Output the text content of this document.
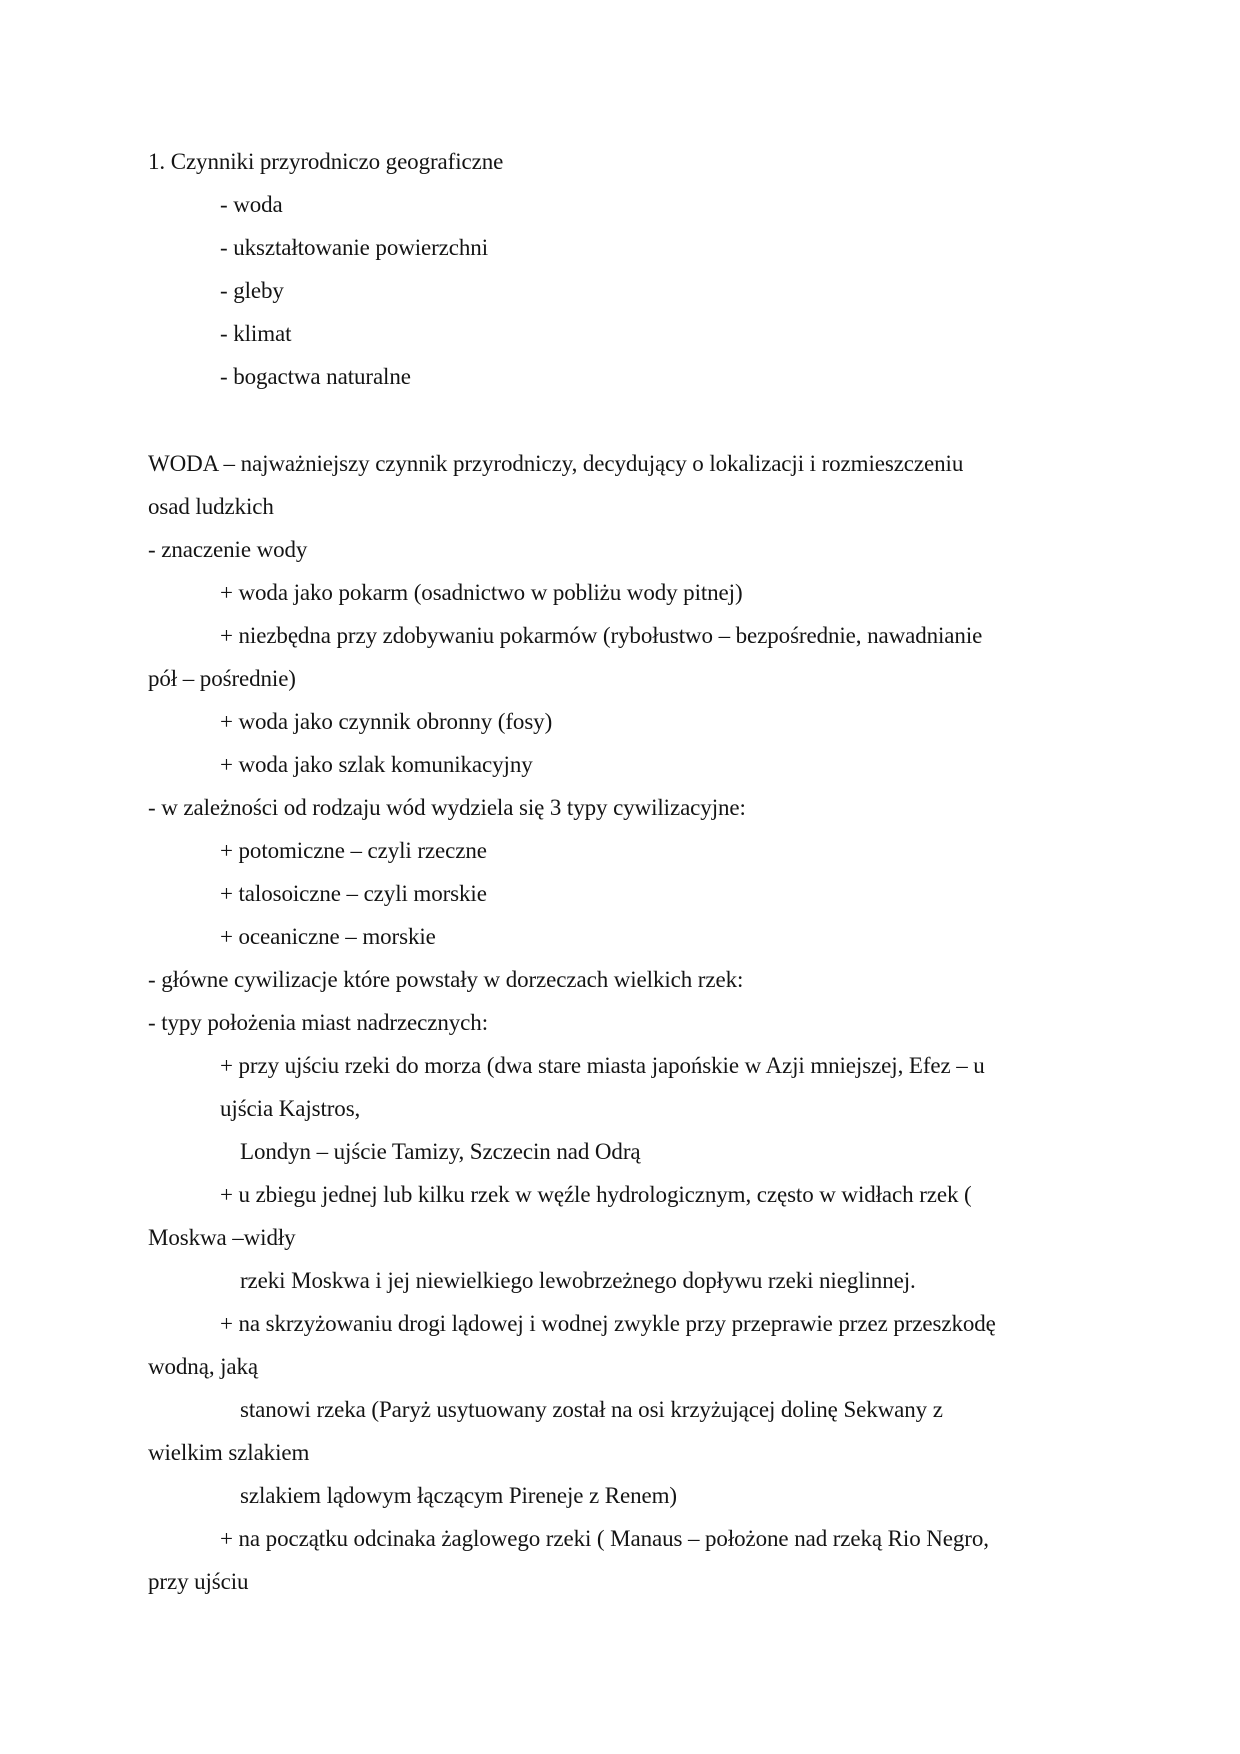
1. Czynniki przyrodniczo geograficzne
- woda
- ukształtowanie powierzchni
- gleby
- klimat
- bogactwa naturalne
WODA – najważniejszy czynnik przyrodniczy, decydujący o lokalizacji i rozmieszczeniu
osad ludzkich
- znaczenie wody
+ woda jako pokarm (osadnictwo w pobliżu wody pitnej)
+ niezbędna przy zdobywaniu pokarmów (rybołustwo – bezpośrednie, nawadnianie
pół – pośrednie)
+ woda jako czynnik obronny (fosy)
+ woda jako szlak komunikacyjny
- w zależności od rodzaju wód wydziela się 3 typy cywilizacyjne:
+ potomiczne – czyli rzeczne
+ talosoiczne – czyli morskie
+ oceaniczne – morskie
- główne cywilizacje które powstały w dorzeczach wielkich rzek:
- typy położenia miast nadrzecznych:
+ przy ujściu rzeki do morza (dwa stare miasta japońskie w Azji mniejszej, Efez – u
ujścia Kajstros,
Londyn – ujście Tamizy, Szczecin nad Odrą
+ u zbiegu jednej lub kilku rzek w węźle hydrologicznym, często w widłach rzek (
Moskwa –widły
rzeki Moskwa i jej niewielkiego lewobrzeżnego dopływu rzeki nieglinnej.
+ na skrzyżowaniu drogi lądowej i wodnej zwykle przy przeprawie przez przeszkodę
wodną, jaką
stanowi rzeka (Paryż usytuowany został na osi krzyżującej dolinę Sekwany z
wielkim szlakiem
szlakiem lądowym łączącym Pireneje z Renem)
+ na początku odcinaka żaglowego rzeki ( Manaus – położone nad rzeką Rio Negro,
przy ujściu
